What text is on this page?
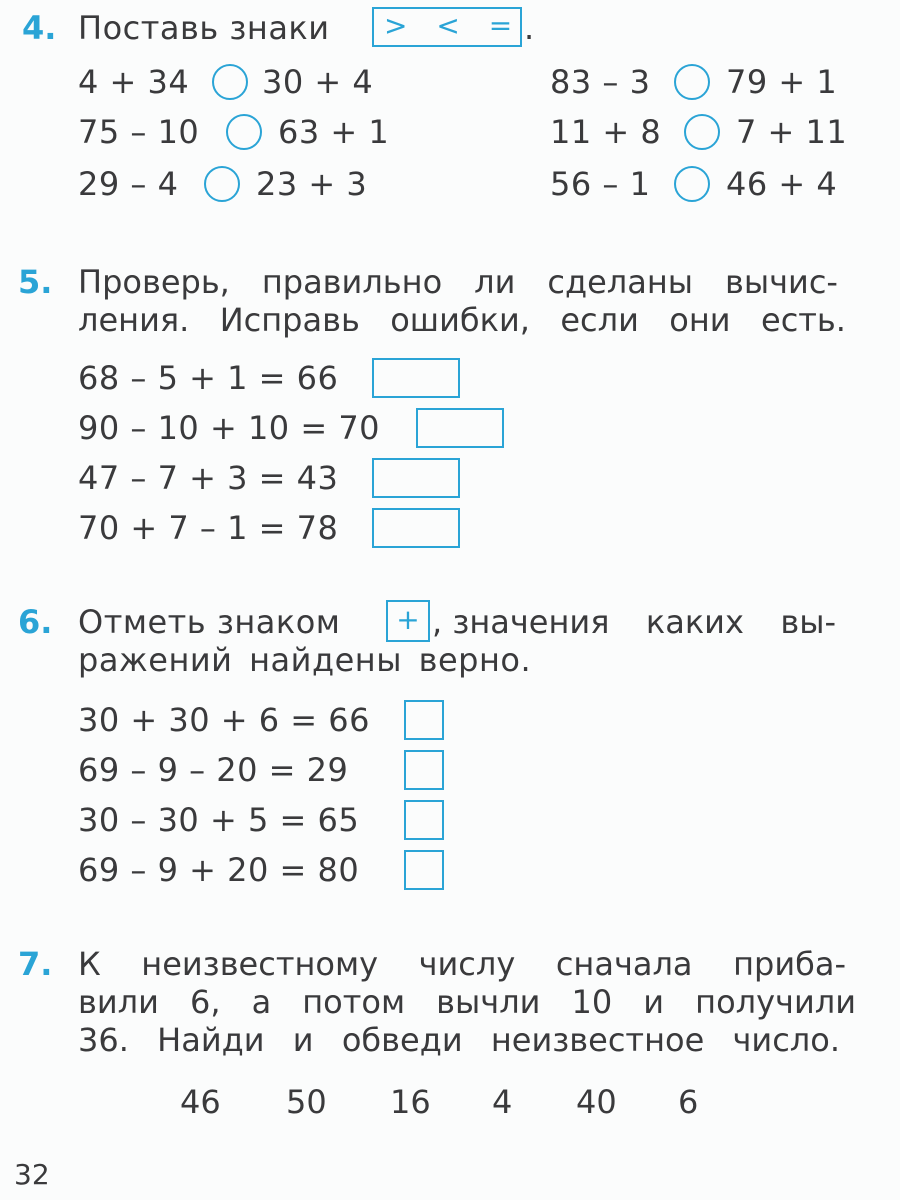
4. Поставь знаки	> < = .
4 + 34 30 + 4
75 – 10 63 + 1
29 – 4 23 + 3
83 – 3 79 + 1
11 + 8 7 + 11
56 – 1 46 + 4
5. Проверь, правильно ли сделаны вычис-
ления. Исправь ошибки, если они есть.
68 – 5 + 1 = 66
90 – 10 + 10 = 70
47 – 7 + 3 = 43
70 + 7 – 1 = 78
6. Отметь знаком	+ , значения каких вы-
ражений найдены верно.
30 + 30 + 6 = 66
69 – 9 – 20 = 29
30 – 30 + 5 = 65
69 – 9 + 20 = 80
7. К неизвестному числу сначала приба-
вили 6, а потом вычли 10 и получили
36. Найди и обведи неизвестное число.
46 50 16 4 40 6
32
